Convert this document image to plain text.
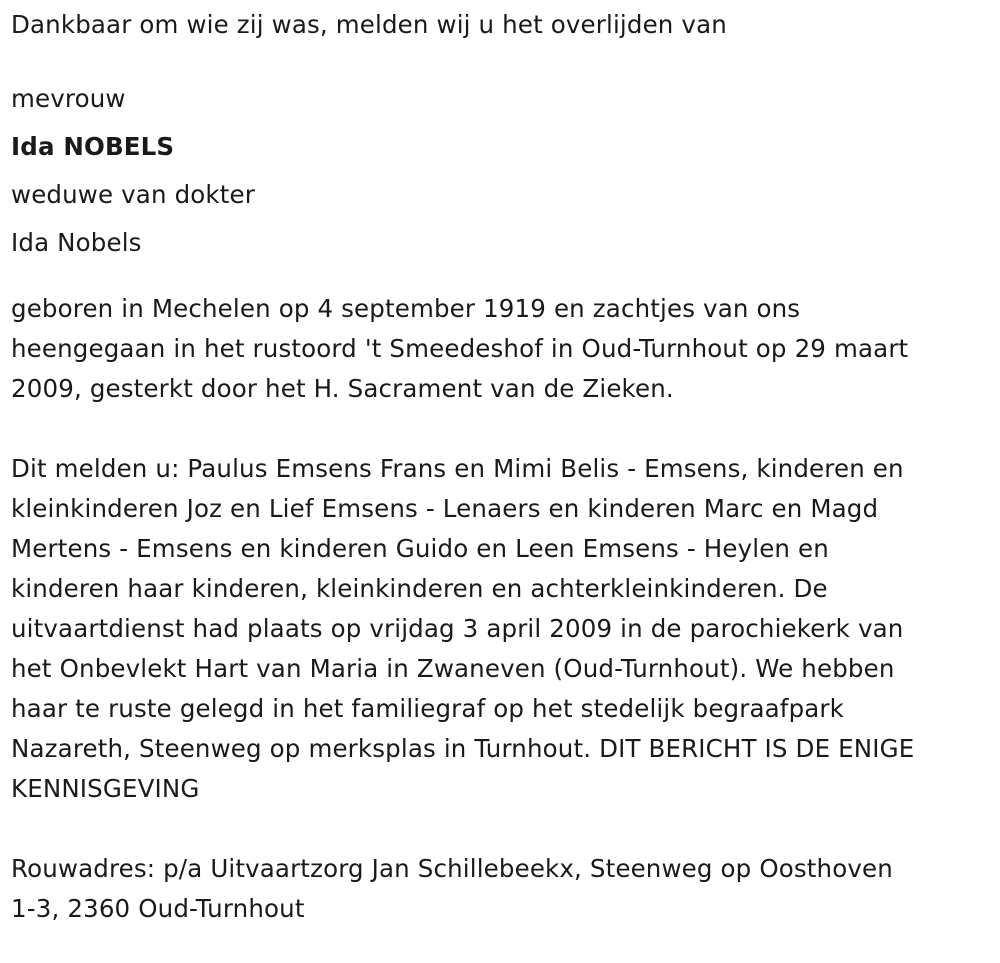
Dankbaar om wie zij was, melden wij u het overlijden van
mevrouw
Ida NOBELS
weduwe van dokter
Ida Nobels
geboren in Mechelen op 4 september 1919 en zachtjes van ons
heengegaan in het rustoord 't Smeedeshof in Oud-Turnhout op 29 maart
2009, gesterkt door het H. Sacrament van de Zieken.
Dit melden u: Paulus Emsens Frans en Mimi Belis - Emsens, kinderen en
kleinkinderen Joz en Lief Emsens - Lenaers en kinderen Marc en Magd
Mertens - Emsens en kinderen Guido en Leen Emsens - Heylen en
kinderen haar kinderen, kleinkinderen en achterkleinkinderen. De
uitvaartdienst had plaats op vrijdag 3 april 2009 in de parochiekerk van
het Onbevlekt Hart van Maria in Zwaneven (Oud-Turnhout). We hebben
haar te ruste gelegd in het familiegraf op het stedelijk begraafpark
Nazareth, Steenweg op merksplas in Turnhout. DIT BERICHT IS DE ENIGE
KENNISGEVING
Rouwadres: p/a Uitvaartzorg Jan Schillebeekx, Steenweg op Oosthoven
1-3, 2360 Oud-Turnhout
